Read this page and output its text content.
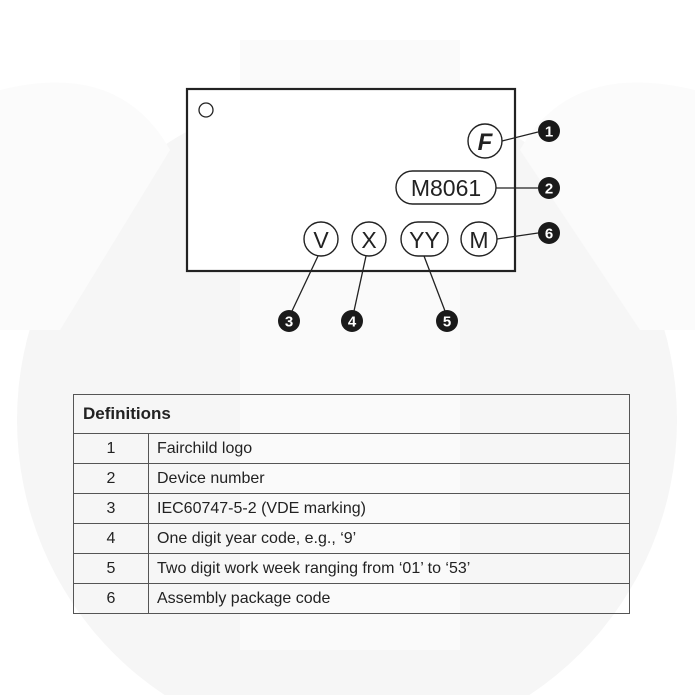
F
M8061
V X YY M
1
2
6
3	4	5
Definitions	
1	Fairchild logo
2	Device number
3	IEC60747-5-2 (VDE marking)
4	One digit year code, e.g., ‘9’
5	Two digit work week ranging from ‘01’ to ‘53’
6	Assembly package code
